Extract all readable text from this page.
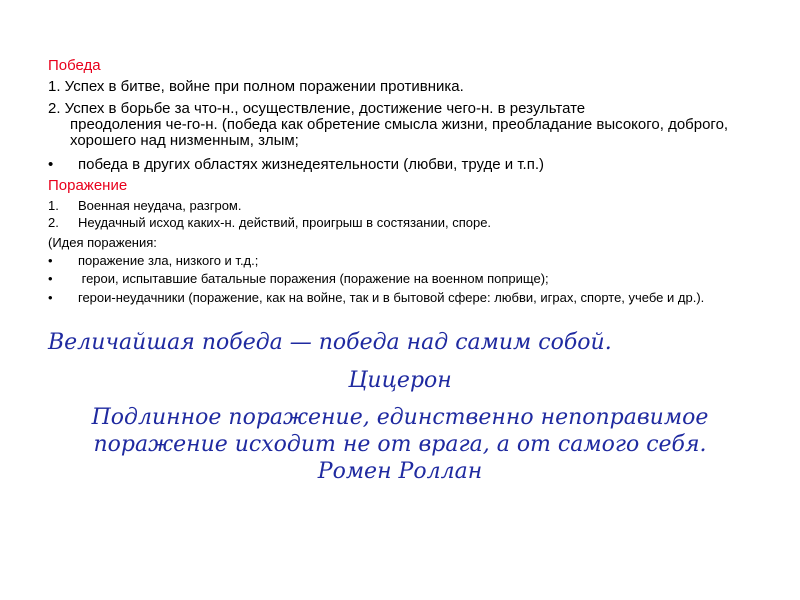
Победа
1. Успех в битве, войне при полном поражении противника.
2. Успех в борьбе за что-н., осуществление, достижение чего-н. в результате
преодоления че-го-н. (победа как обретение смысла жизни, преобладание высокого, доброго, хорошего над низменным, злым;
• победа в других областях жизнедеятельности (любви, труде и т.п.)
Поражение
1. Военная неудача, разгром.
2. Неудачный исход каких-н. действий, проигрыш в состязании, споре.
(Идея поражения:
• поражение зла, низкого и т.д.;
• герои, испытавшие батальные поражения (поражение на военном поприще);
• герои-неудачники (поражение, как на войне, так и в бытовой сфере: любви, играх, спорте, учебе и др.).
Величайшая победа — победа над самим собой.
Цицерон
Подлинное поражение, единственно непоправимое
поражение исходит не от врага, а от самого себя.
Ромен Роллан
